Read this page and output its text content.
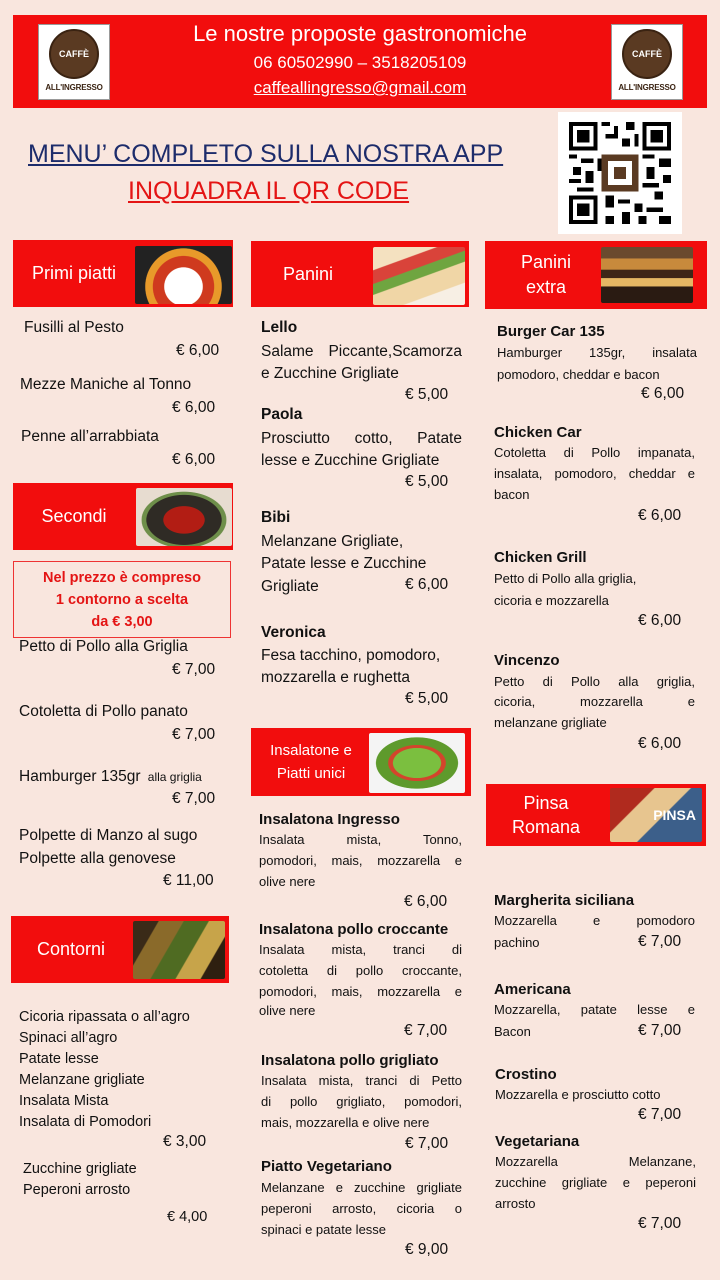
CAFFÈ
ALL'INGRESSO
Le nostre proposte gastronomiche
06 60502990 – 3518205109
caffeallingresso@gmail.com
CAFFÈ
ALL'INGRESSO
MENU’ COMPLETO SULLA NOSTRA APP
INQUADRA IL QR CODE
Primi piatti	Panini
Panini
extra
Secondi
Insalatone e
Piatti unici
Pinsa
Romana
PINSA
Contorni
Fusilli al Pesto
€ 6,00
Mezze Maniche al Tonno
€ 6,00
Penne all’arrabbiata
€ 6,00
Nel prezzo è compreso
1 contorno a scelta
da € 3,00
Petto di Pollo alla Griglia
€ 7,00
Cotoletta di Pollo panato
€ 7,00
Hamburger 135gr alla griglia
€ 7,00
Polpette di Manzo al sugo
Polpette alla genovese
€ 11,00
Cicoria ripassata o all’agro
Spinaci all’agro
Patate lesse
Melanzane grigliate
Insalata Mista
Insalata di Pomodori
€ 3,00
Zucchine grigliate
Peperoni arrosto
€ 4,00
Lello
Salame Piccante,Scamorza
e Zucchine Grigliate
€ 5,00
Paola
Prosciutto cotto, Patate
lesse e Zucchine Grigliate
€ 5,00
Bibi
Melanzane Grigliate,
Patate lesse e Zucchine
Grigliate	€ 6,00
Veronica
Fesa tacchino, pomodoro,
mozzarella e rughetta
€ 5,00
Insalatona Ingresso
Insalata mista, Tonno,
pomodori, mais, mozzarella e
olive nere
€ 6,00
Insalatona pollo croccante
Insalata mista, tranci di
cotoletta di pollo croccante,
pomodori, mais, mozzarella e
olive nere
€ 7,00
Insalatona pollo grigliato
Insalata mista, tranci di Petto
di pollo grigliato, pomodori,
mais, mozzarella e olive nere
€ 7,00
Piatto Vegetariano
Melanzane e zucchine grigliate
peperoni arrosto, cicoria o
spinaci e patate lesse
€ 9,00
Burger Car 135
Hamburger 135gr, insalata
pomodoro, cheddar e bacon
€ 6,00
Chicken Car
Cotoletta di Pollo impanata,
insalata, pomodoro, cheddar e
bacon
€ 6,00
Chicken Grill
Petto di Pollo alla griglia,
cicoria e mozzarella
€ 6,00
Vincenzo
Petto di Pollo alla griglia,
cicoria, mozzarella e
melanzane grigliate
€ 6,00
Margherita siciliana
Mozzarella e pomodoro
pachino	€ 7,00
Americana
Mozzarella, patate lesse e
Bacon	€ 7,00
Crostino
Mozzarella e prosciutto cotto
€ 7,00
Vegetariana
Mozzarella Melanzane,
zucchine grigliate e peperoni
arrosto
€ 7,00
